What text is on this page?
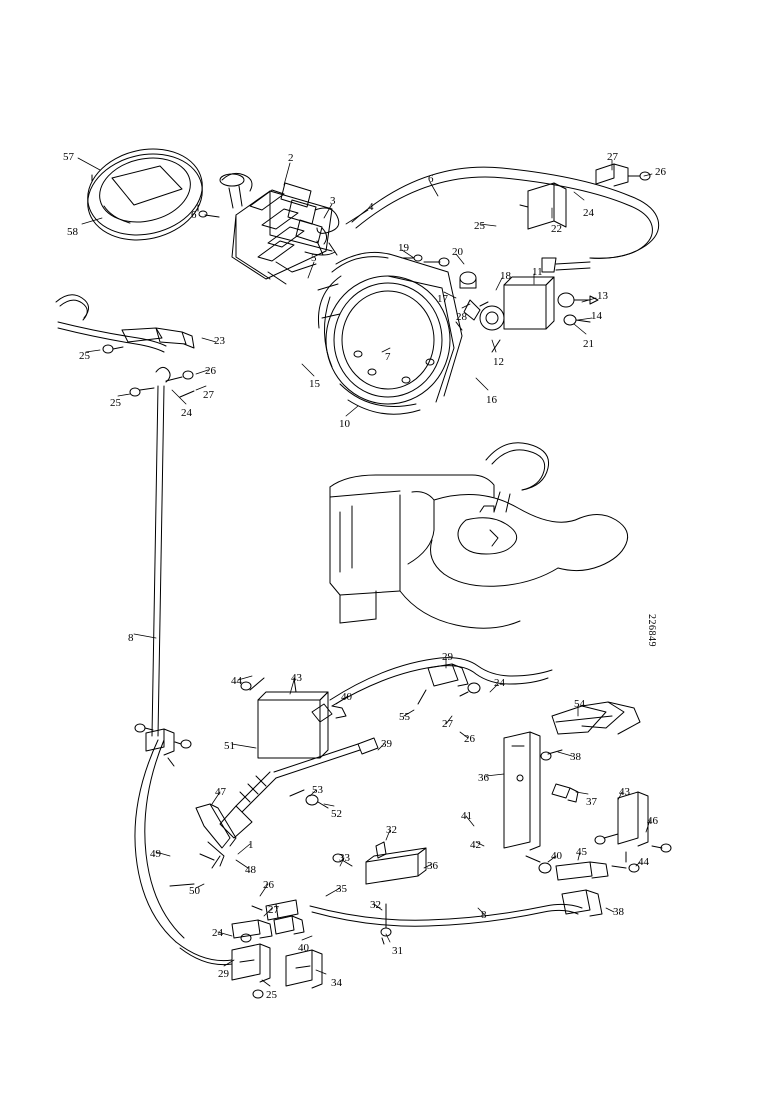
57
58
6
2
3	4
5
6
27
26
24
22
25
19	20
18 11
17
28
13
14
21
12
16
7
15
10
23
25
26
27
25
24
8	226849
44	43
29
40
24
55
27
26
54
51	39
38
36
37
43
46
47	53
52
32
41
42
40 45
44
1
49
48
33
36
50	26	35
27	8	38
24
34
29
25
31
32
40
